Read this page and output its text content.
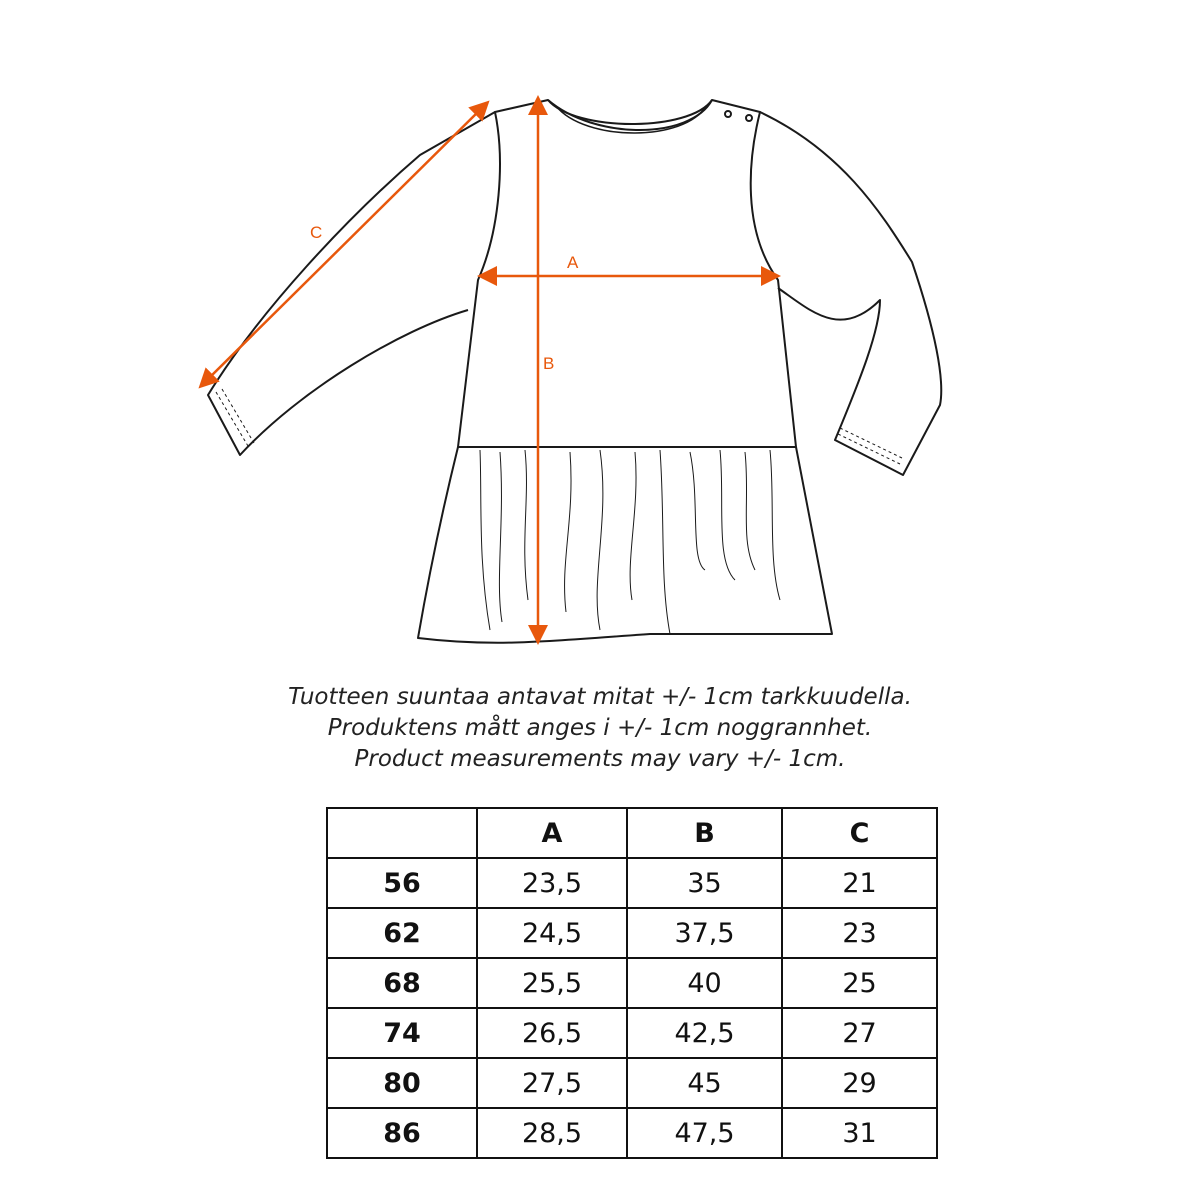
A
B
C
Tuotteen suuntaa antavat mitat +/- 1cm tarkkuudella.
Produktens mått anges i +/- 1cm noggrannhet.
Product measurements may vary +/- 1cm.
	A	B	C
56	23,5	35	21
62	24,5	37,5	23
68	25,5	40	25
74	26,5	42,5	27
80	27,5	45	29
86	28,5	47,5	31
